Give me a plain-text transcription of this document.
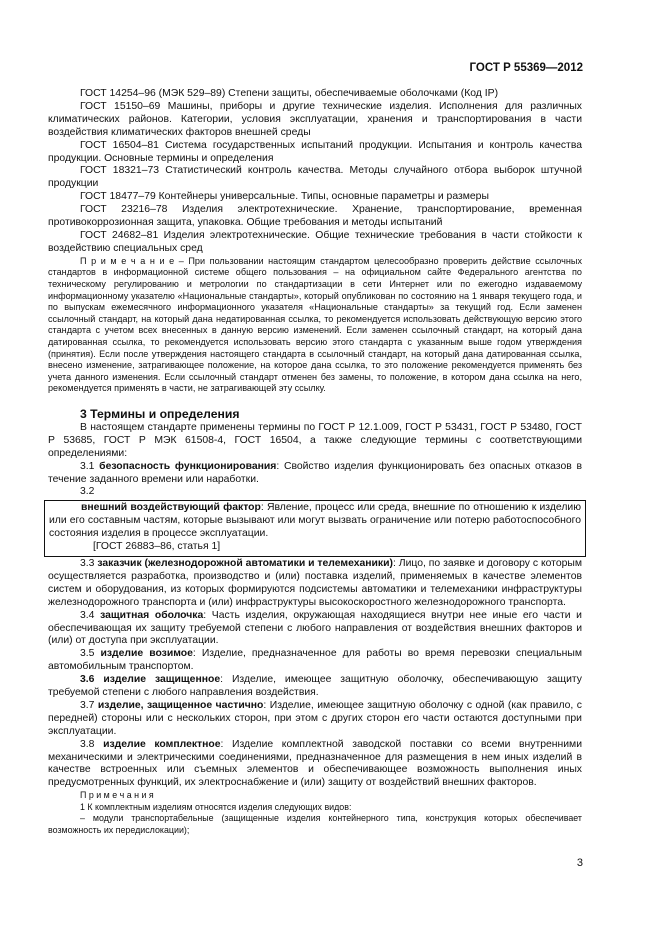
ГОСТ Р 55369—2012

ГОСТ 14254–96 (МЭК 529–89) Степени защиты, обеспечиваемые оболочками (Код IP)

ГОСТ 15150–69 Машины, приборы и другие технические изделия. Исполнения для различных климатических районов. Категории, условия эксплуатации, хранения и транспортирования в части воздействия климатических факторов внешней среды

ГОСТ 16504–81 Система государственных испытаний продукции. Испытания и контроль качества продукции. Основные термины и определения

ГОСТ 18321–73 Статистический контроль качества. Методы случайного отбора выборок штучной продукции

ГОСТ 18477–79 Контейнеры универсальные. Типы, основные параметры и размеры

ГОСТ 23216–78 Изделия электротехнические. Хранение, транспортирование, временная противокоррозионная защита, упаковка. Общие требования и методы испытаний

ГОСТ 24682–81 Изделия электротехнические. Общие технические требования в части стойкости к воздействию специальных сред

П р и м е ч а н и е – При пользовании настоящим стандартом целесообразно проверить действие ссылочных стандартов в информационной системе общего пользования – на официальном сайте Федерального агентства по техническому регулированию и метрологии по стандартизации в сети Интернет или по ежегодно издаваемому информационному указателю «Национальные стандарты», который опубликован по состоянию на 1 января текущего года, и по выпускам ежемесячного информационного указателя «Национальные стандарты» за текущий год. Если заменен ссылочный стандарт, на который дана недатированная ссылка, то рекомендуется использовать действующую версию этого стандарта с учетом всех внесенных в данную версию изменений. Если заменен ссылочный стандарт, на который дана датированная ссылка, то рекомендуется использовать версию этого стандарта с указанным выше годом утверждения (принятия). Если после утверждения настоящего стандарта в ссылочный стандарт, на который дана датированная ссылка, внесено изменение, затрагивающее положение, на которое дана ссылка, то это положение рекомендуется применять без учета данного изменения. Если ссылочный стандарт отменен без замены, то положение, в котором дана ссылка на него, рекомендуется применять в части, не затрагивающей эту ссылку.

3 Термины и определения

В настоящем стандарте применены термины по ГОСТ Р 12.1.009, ГОСТ Р 53431, ГОСТ Р 53480, ГОСТ Р 53685, ГОСТ Р МЭК 61508-4, ГОСТ 16504, а также следующие термины с соответствующими определениями:

3.1 безопасность функционирования: Свойство изделия функционировать без опасных отказов в течение заданного времени или наработки.

3.2

внешний воздействующий фактор: Явление, процесс или среда, внешние по отношению к изделию или его составным частям, которые вызывают или могут вызвать ограничение или потерю работоспособного состояния изделия в процессе эксплуатации.

[ГОСТ 26883–86, статья 1]

3.3 заказчик (железнодорожной автоматики и телемеханики): Лицо, по заявке и договору с которым осуществляется разработка, производство и (или) поставка изделий, применяемых в качестве элементов систем и оборудования, из которых формируются подсистемы автоматики и телемеханики инфраструктуры железнодорожного транспорта и (или) инфраструктуры высокоскоростного железнодорожного транспорта.

3.4 защитная оболочка: Часть изделия, окружающая находящиеся внутри нее иные его части и обеспечивающая их защиту требуемой степени с любого направления от воздействия внешних факторов и (или) от доступа при эксплуатации.

3.5 изделие возимое: Изделие, предназначенное для работы во время перевозки специальным автомобильным транспортом.

3.6 изделие защищенное: Изделие, имеющее защитную оболочку, обеспечивающую защиту требуемой степени с любого направления воздействия.

3.7 изделие, защищенное частично: Изделие, имеющее защитную оболочку с одной (как правило, с передней) стороны или с нескольких сторон, при этом с других сторон его части остаются доступными при эксплуатации.

3.8 изделие комплектное: Изделие комплектной заводской поставки со всеми внутренними механическими и электрическими соединениями, предназначенное для размещения в нем иных изделий в качестве встроенных или съемных элементов и обеспечивающее возможность выполнения иных предусмотренных функций, их электроснабжение и (или) защиту от воздействий внешних факторов.

П р и м е ч а н и я

1 К комплектным изделиям относятся изделия следующих видов:

– модули транспортабельные (защищенные изделия контейнерного типа, конструкция которых обеспечивает возможность их передислокации);

3
